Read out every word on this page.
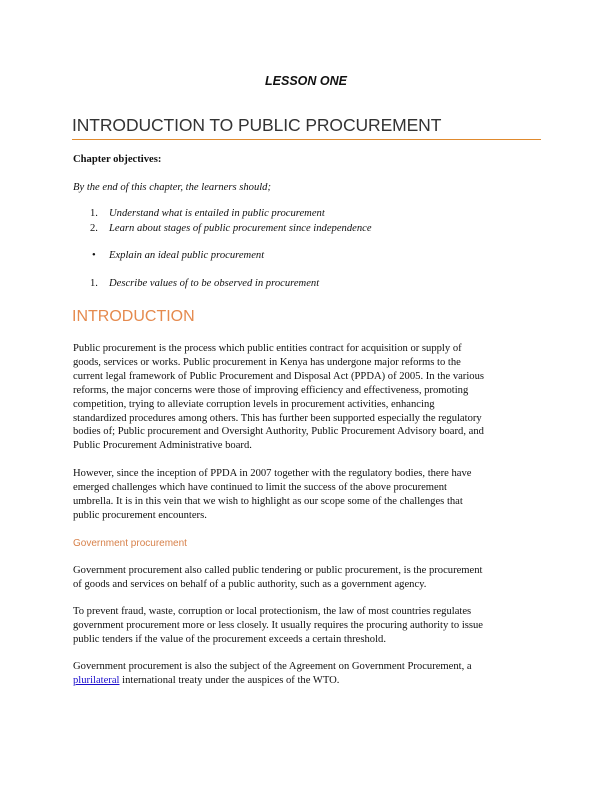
LESSON ONE
INTRODUCTION TO PUBLIC PROCUREMENT
Chapter objectives:
By the end of this chapter, the learners should;
1. Understand what is entailed in public procurement
2. Learn about stages of public procurement since independence
• Explain an ideal public procurement
1. Describe values of to be observed in procurement
INTRODUCTION
Public procurement is the process which public entities contract for acquisition or supply of
goods, services or works. Public procurement in Kenya has undergone major reforms to the
current legal framework of Public Procurement and Disposal Act (PPDA) of 2005. In the various
reforms, the major concerns were those of improving efficiency and effectiveness, promoting
competition, trying to alleviate corruption levels in procurement activities, enhancing
standardized procedures among others. This has further been supported especially the regulatory
bodies of; Public procurement and Oversight Authority, Public Procurement Advisory board, and
Public Procurement Administrative board.
However, since the inception of PPDA in 2007 together with the regulatory bodies, there have
emerged challenges which have continued to limit the success of the above procurement
umbrella. It is in this vein that we wish to highlight as our scope some of the challenges that
public procurement encounters.
Government procurement
Government procurement also called public tendering or public procurement, is the procurement
of goods and services on behalf of a public authority, such as a government agency.
To prevent fraud, waste, corruption or local protectionism, the law of most countries regulates
government procurement more or less closely. It usually requires the procuring authority to issue
public tenders if the value of the procurement exceeds a certain threshold.
Government procurement is also the subject of the Agreement on Government Procurement, a
plurilateral international treaty under the auspices of the WTO.
